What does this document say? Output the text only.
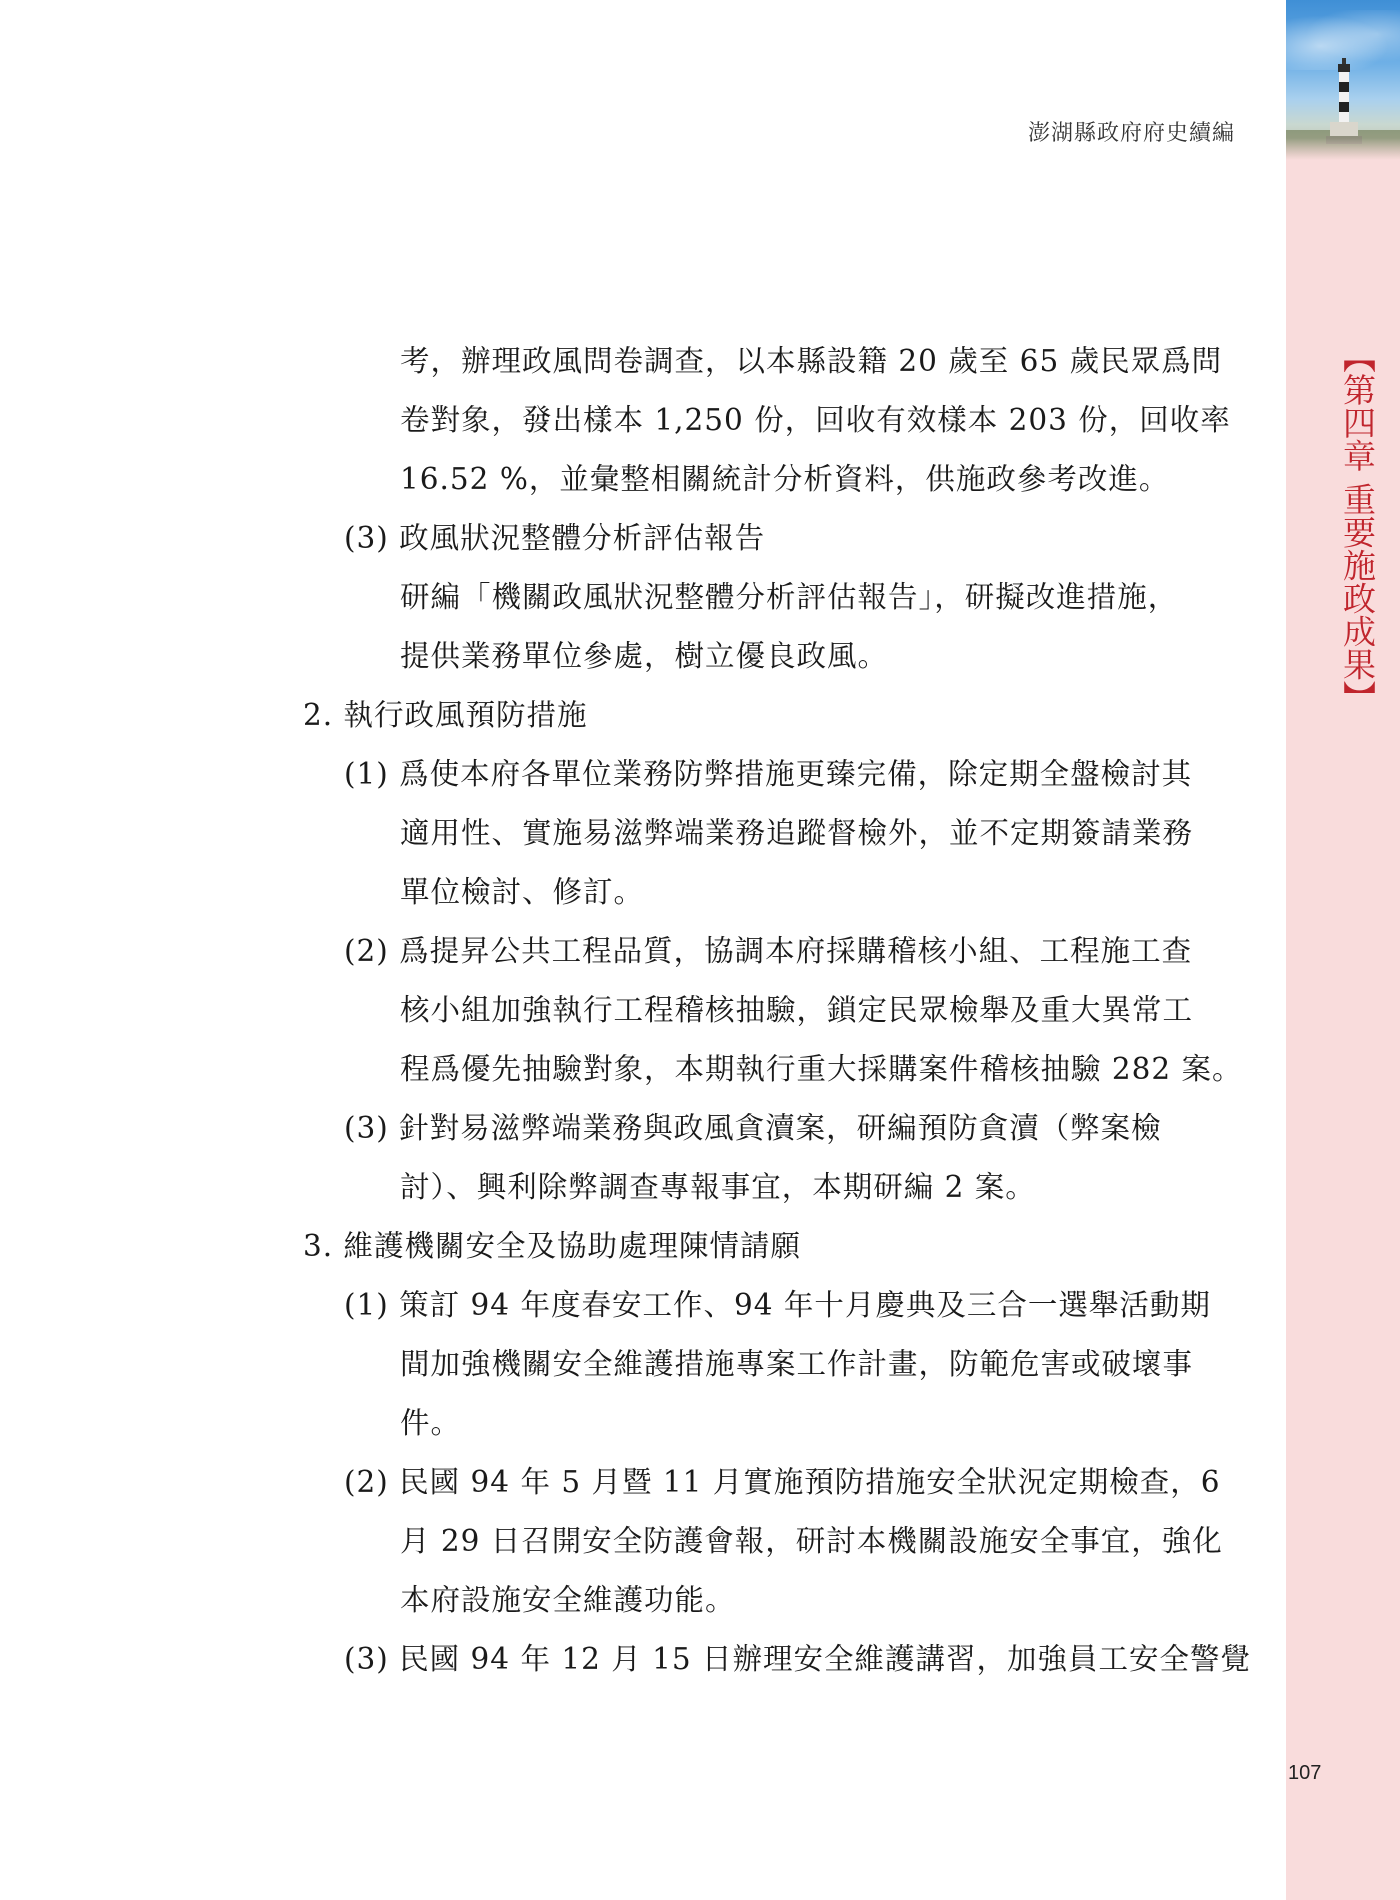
【第四章 重要施政成果】
澎湖縣政府府史續編
考，辦理政風問卷調查，以本縣設籍 20 歲至 65 歲民眾爲問
卷對象，發出樣本 1,250 份，回收有效樣本 203 份，回收率
16.52 %，並彙整相關統計分析資料，供施政參考改進。
(3) 政風狀況整體分析評估報告
研編「機關政風狀況整體分析評估報告」，研擬改進措施，
提供業務單位參處，樹立優良政風。
2. 執行政風預防措施
(1) 爲使本府各單位業務防弊措施更臻完備，除定期全盤檢討其
適用性、實施易滋弊端業務追蹤督檢外，並不定期簽請業務
單位檢討、修訂。
(2) 爲提昇公共工程品質，協調本府採購稽核小組、工程施工查
核小組加強執行工程稽核抽驗，鎖定民眾檢舉及重大異常工
程爲優先抽驗對象，本期執行重大採購案件稽核抽驗 282 案。
(3) 針對易滋弊端業務與政風貪瀆案，研編預防貪瀆（弊案檢
討）、興利除弊調查專報事宜，本期研編 2 案。
3. 維護機關安全及協助處理陳情請願
(1) 策訂 94 年度春安工作、94 年十月慶典及三合一選舉活動期
間加強機關安全維護措施專案工作計畫，防範危害或破壞事
件。
(2) 民國 94 年 5 月暨 11 月實施預防措施安全狀況定期檢查，6
月 29 日召開安全防護會報，研討本機關設施安全事宜，強化
本府設施安全維護功能。
(3) 民國 94 年 12 月 15 日辦理安全維護講習，加強員工安全警覺
107
